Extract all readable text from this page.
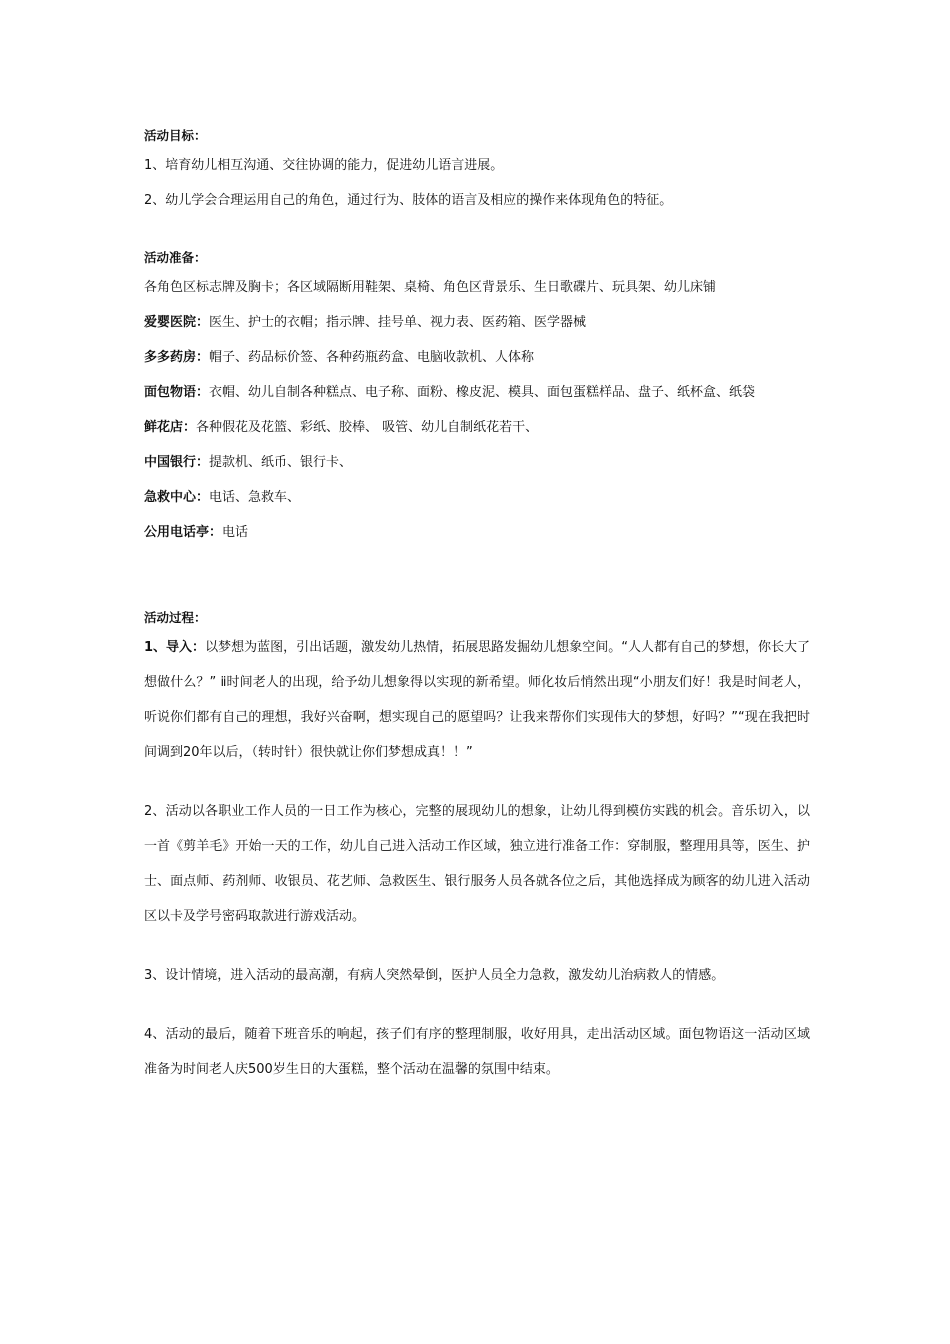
活动目标：
1、培育幼儿相互沟通、交往协调的能力，促进幼儿语言进展。
2、幼儿学会合理运用自己的角色，通过行为、肢体的语言及相应的操作来体现角色的特征。
活动准备：
各角色区标志牌及胸卡；各区域隔断用鞋架、桌椅、角色区背景乐、生日歌碟片、玩具架、幼儿床铺
爱婴医院：医生、护士的衣帽；指示牌、挂号单、视力表、医药箱、医学器械
多多药房：帽子、药品标价签、各种药瓶药盒、电脑收款机、人体称
面包物语：衣帽、幼儿自制各种糕点、电子称、面粉、橡皮泥、模具、面包蛋糕样品、盘子、纸杯盒、纸袋
鲜花店：各种假花及花篮、彩纸、胶棒、 吸管、幼儿自制纸花若干、
中国银行：提款机、纸币、银行卡、
急救中心：电话、急救车、
公用电话亭：电话
活动过程：
1、导入：以梦想为蓝图，引出话题，激发幼儿热情，拓展思路发掘幼儿想象空间。“人人都有自己的梦想，你长大了想做什么？” ⅱ时间老人的出现，给予幼儿想象得以实现的新希望。师化妆后悄然出现“小朋友们好！我是时间老人，听说你们都有自己的理想，我好兴奋啊，想实现自己的愿望吗？让我来帮你们实现伟大的梦想，好吗？”“现在我把时间调到20年以后，（转时针）很快就让你们梦想成真！！”
2、活动以各职业工作人员的一日工作为核心，完整的展现幼儿的想象，让幼儿得到模仿实践的机会。音乐切入，以一首《剪羊毛》开始一天的工作，幼儿自己进入活动工作区域，独立进行准备工作：穿制服，整理用具等，医生、护士、面点师、药剂师、收银员、花艺师、急救医生、银行服务人员各就各位之后，其他选择成为顾客的幼儿进入活动区以卡及学号密码取款进行游戏活动。
3、设计情境，进入活动的最高潮，有病人突然晕倒，医护人员全力急救，激发幼儿治病救人的情感。
4、活动的最后，随着下班音乐的响起，孩子们有序的整理制服，收好用具，走出活动区域。面包物语这一活动区域准备为时间老人庆500岁生日的大蛋糕，整个活动在温馨的氛围中结束。
